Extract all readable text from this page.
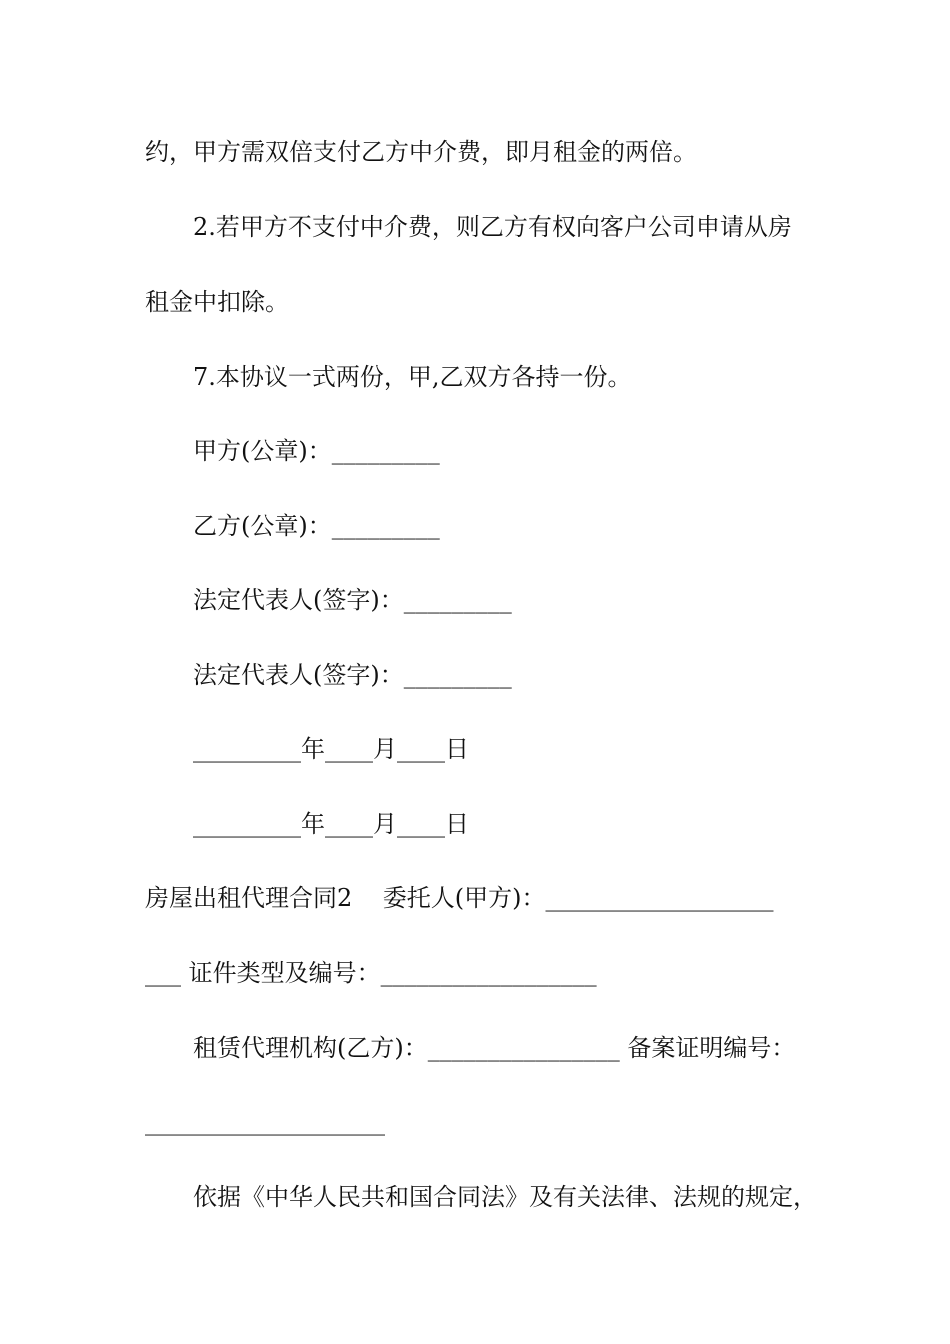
约，甲方需双倍支付乙方中介费，即月租金的两倍。
2.若甲方不支付中介费，则乙方有权向客户公司申请从房
租金中扣除。
7.本协议一式两份，甲,乙双方各持一份。
甲方(公章)：_________
乙方(公章)：_________
法定代表人(签字)：_________
法定代表人(签字)：_________
_________年____月____日
_________年____月____日
房屋出租代理合同2    委托人(甲方)：___________________
___ 证件类型及编号：__________________
租赁代理机构(乙方)：________________ 备案证明编号：
____________________
依据《中华人民共和国合同法》及有关法律、法规的规定，
